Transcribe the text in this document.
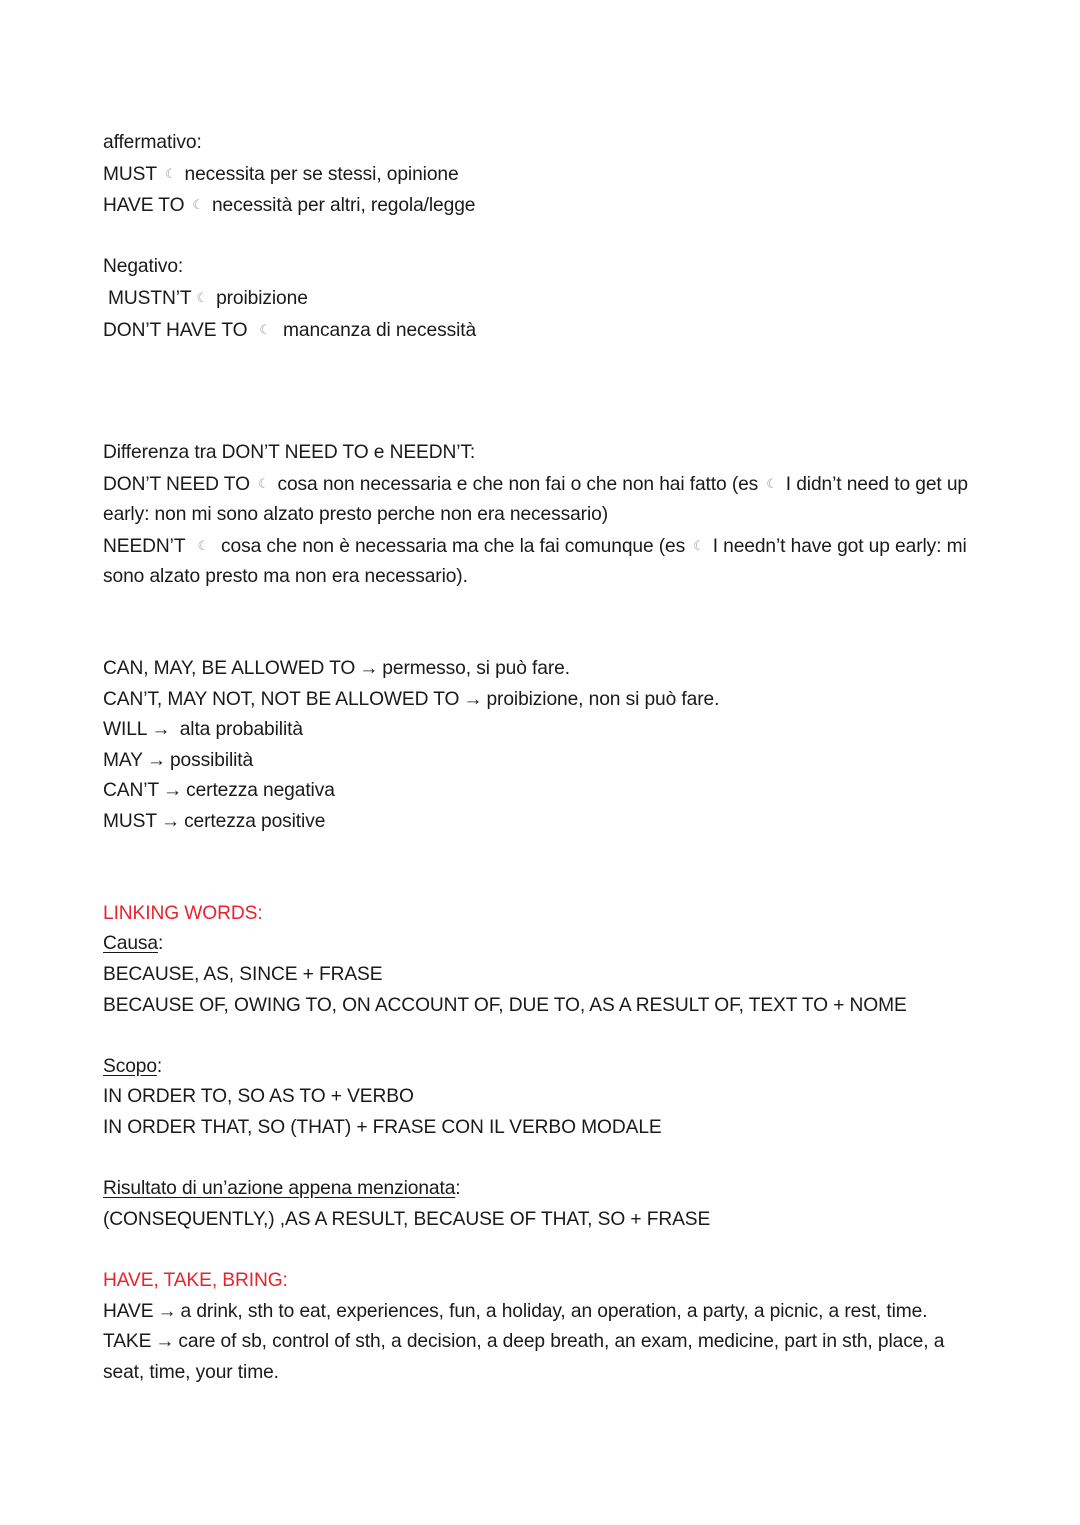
affermativo:
MUST ☾ necessita per se stessi, opinione
HAVE TO ☾ necessità per altri, regola/legge
Negativo:
MUSTN’T ☾ proibizione
DON’T HAVE TO ☾ mancanza di necessità
Differenza tra DON’T NEED TO e NEEDN’T:
DON’T NEED TO ☾ cosa non necessaria e che non fai o che non hai fatto (es ☾ I didn’t need to get up early: non mi sono alzato presto perche non era necessario)
NEEDN’T ☾ cosa che non è necessaria ma che la fai comunque (es ☾ I needn’t have got up early: mi sono alzato presto ma non era necessario).
CAN, MAY, BE ALLOWED TO → permesso, si può fare.
CAN’T, MAY NOT, NOT BE ALLOWED TO → proibizione, non si può fare.
WILL → alta probabilità
MAY → possibilità
CAN’T → certezza negativa
MUST → certezza positive
LINKING WORDS:
Causa:
BECAUSE, AS, SINCE + FRASE
BECAUSE OF, OWING TO, ON ACCOUNT OF, DUE TO, AS A RESULT OF, TEXT TO + NOME
Scopo:
IN ORDER TO, SO AS TO + VERBO
IN ORDER THAT, SO (THAT) + FRASE CON IL VERBO MODALE
Risultato di un’azione appena menzionata:
(CONSEQUENTLY,) ,AS A RESULT, BECAUSE OF THAT, SO + FRASE
HAVE, TAKE, BRING:
HAVE → a drink, sth to eat, experiences, fun, a holiday, an operation, a party, a picnic, a rest, time.
TAKE → care of sb, control of sth, a decision, a deep breath, an exam, medicine, part in sth, place, a seat, time, your time.
